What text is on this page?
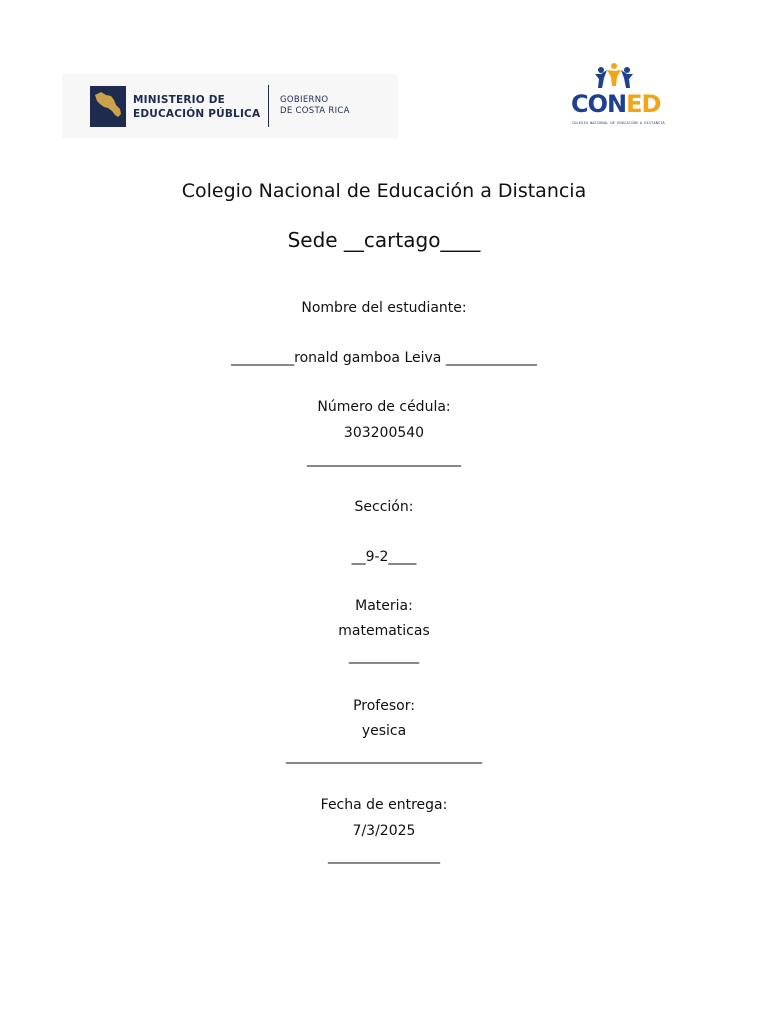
MINISTERIO DE
EDUCACIÓN PÚBLICA
GOBIERNO
DE COSTA RICA	CONED
COLEGIO NACIONAL DE EDUCACIÓN A DISTANCIA
Colegio Nacional de Educación a Distancia
Sede __cartago____
Nombre del estudiante:
_________ronald gamboa Leiva _____________
Número de cédula:
303200540
______________________
Sección:
__9-2____
Materia:
matematicas
__________
Profesor:
yesica
____________________________
Fecha de entrega:
7/3/2025
________________
